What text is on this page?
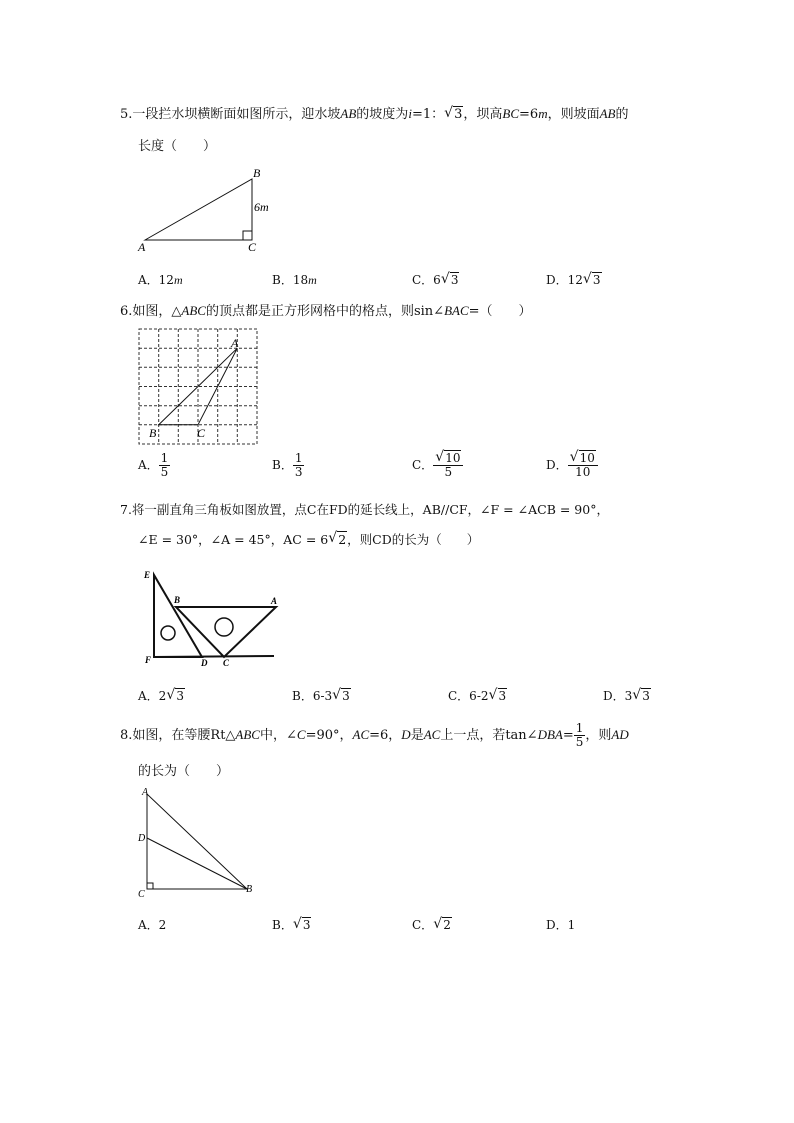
5.一段拦水坝横断面如图所示，迎水坡AB的坡度为i=1： √ 3，坝高BC=6m，则坡面AB的
长度（　　）
B
6m
C
A
A．12m	B．18m	C．6 √ 3	D．12 √ 3
6.如图，△ABC的顶点都是正方形网格中的格点，则sin∠BAC=（　　）
A
B	C
A． $\frac{1}{5}$	B． $\frac{1}{3}$	C． √ $\frac{10}{5}$	D． √ $\frac{10}{10}$
7.将一副直角三角板如图放置，点C在FD的延长线上，AB//CF，∠F = ∠ACB = 90°，
∠E = 30°，∠A = 45°，AC = 6 √ 2，则CD的长为（　　）
E
B	A
F	D C
A．2 √ 3	B．6-3 √ 3	C．6-2 √ 3	D．3 √ 3
8.如图，在等腰Rt△ABC中，∠C=90°，AC=6，D是AC上一点，若tan∠DBA= $\frac{1}{5}$ ，则AD
的长为（　　）
A
D
C	B
A．2	B． √ 3	C． √ 2	D．1
